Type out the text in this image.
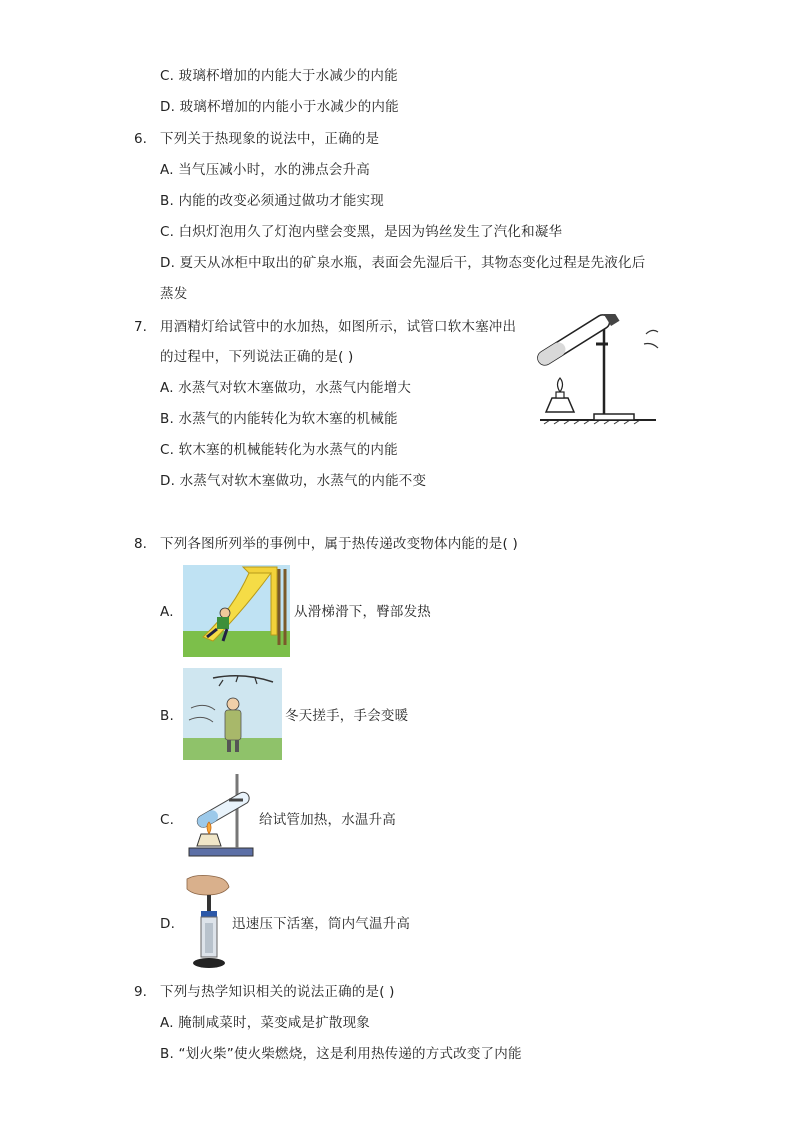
C. 玻璃杯增加的内能大于水减少的内能
D. 玻璃杯增加的内能小于水减少的内能
6. 下列关于热现象的说法中，正确的是
A. 当气压减小时，水的沸点会升高
B. 内能的改变必须通过做功才能实现
C. 白炽灯泡用久了灯泡内壁会变黑，是因为钨丝发生了汽化和凝华
D. 夏天从冰柜中取出的矿泉水瓶，表面会先湿后干，其物态变化过程是先液化后
蒸发
7. 用酒精灯给试管中的水加热，如图所示，试管口软木塞冲出
的过程中，下列说法正确的是( )
A. 水蒸气对软木塞做功，水蒸气内能增大
B. 水蒸气的内能转化为软木塞的机械能
C. 软木塞的机械能转化为水蒸气的内能
D. 水蒸气对软木塞做功，水蒸气的内能不变
8. 下列各图所列举的事例中，属于热传递改变物体内能的是( )
A.	从滑梯滑下，臀部发热
B.	冬天搓手，手会变暖
C.	给试管加热，水温升高
D.	迅速压下活塞，筒内气温升高
9. 下列与热学知识相关的说法正确的是( )
A. 腌制咸菜时，菜变咸是扩散现象
B. “划火柴”使火柴燃烧，这是利用热传递的方式改变了内能
